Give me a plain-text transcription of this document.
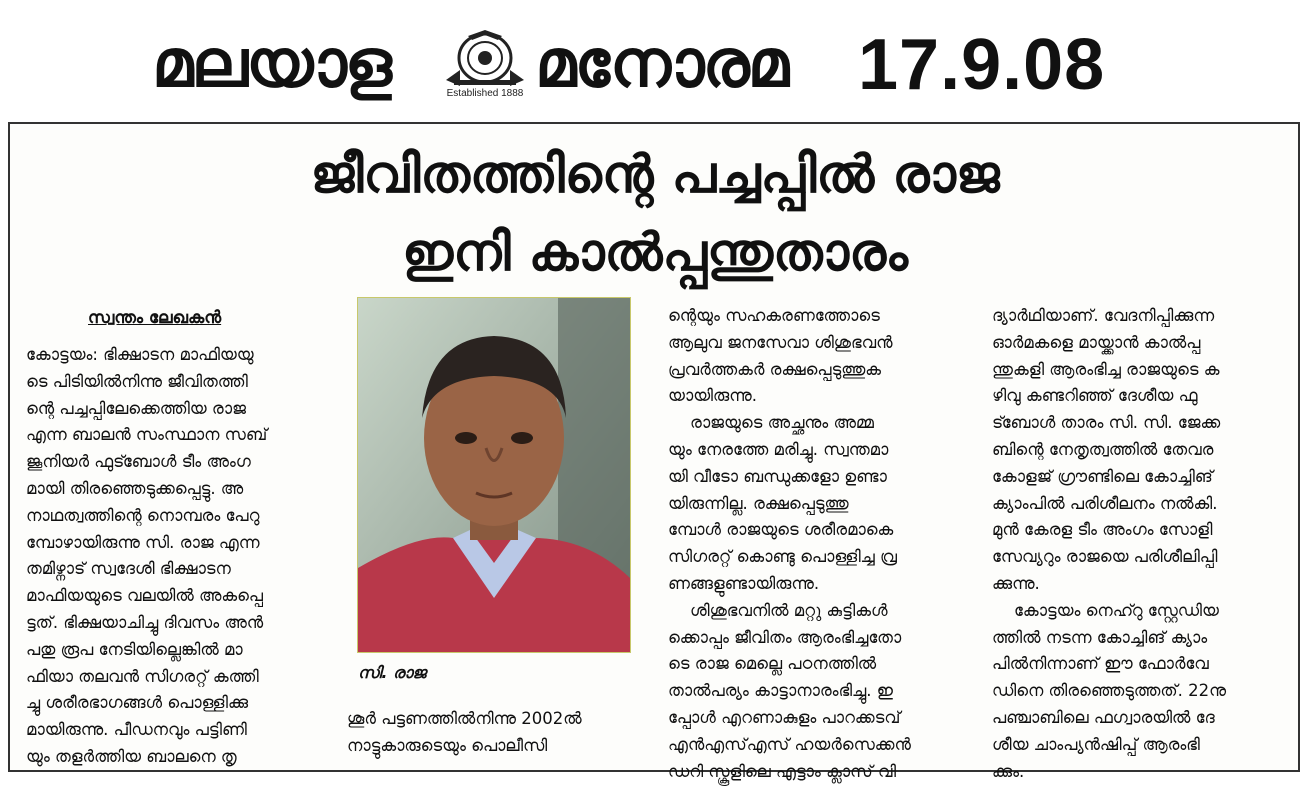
മലയാള	Established 1888 മനോരമ 17.9.08
ജീവിതത്തിന്റെ പച്ചപ്പിൽ രാജ
ഇനി കാൽപ്പന്തുതാരം
സ്വന്തം ലേഖകൻ

കോട്ടയം: ഭിക്ഷാടന മാഫിയയു

ടെ പിടിയിൽനിന്നു ജീവിതത്തി

ന്റെ പച്ചപ്പിലേക്കെത്തിയ രാജ

എന്ന ബാലൻ സംസ്ഥാന സബ്

ജൂനിയർ ഫുട്ബോൾ ടീം അംഗ

മായി തിരഞ്ഞെടുക്കപ്പെട്ടു. അ

നാഥത്വത്തിന്റെ നൊമ്പരം പേറു

മ്പോഴായിരുന്നു സി. രാജ എന്ന

തമിഴ്നാട് സ്വദേശി ഭിക്ഷാടന

മാഫിയയുടെ വലയിൽ അകപ്പെ

ട്ടത്. ഭിക്ഷയാചിച്ചു ദിവസം അൻ

പതു രൂപ നേടിയില്ലെങ്കിൽ മാ

ഫിയാ തലവൻ സിഗരറ്റ് കത്തി

ച്ചു ശരീരഭാഗങ്ങൾ പൊള്ളിക്കു

മായിരുന്നു. പീഡനവും പട്ടിണി

യും തളർത്തിയ ബാലനെ തൃ

സി. രാജ

ശൂർ പട്ടണത്തിൽനിന്നു 2002ൽ

നാട്ടുകാരുടെയും പൊലീസി

ന്റെയും സഹകരണത്തോടെ

ആലുവ ജനസേവാ ശിശുഭവൻ

പ്രവർത്തകർ രക്ഷപ്പെടുത്തുക

യായിരുന്നു.

രാജയുടെ അച്ഛനും അമ്മ

യും നേരത്തേ മരിച്ചു. സ്വന്തമാ

യി വീടോ ബന്ധുക്കളോ ഉണ്ടാ

യിരുന്നില്ല. രക്ഷപ്പെടുത്തു

മ്പോൾ രാജയുടെ ശരീരമാകെ

സിഗരറ്റ് കൊണ്ടു പൊള്ളിച്ച വ്ര

ണങ്ങളുണ്ടായിരുന്നു.

ശിശുഭവനിൽ മറ്റു കുട്ടികൾ

ക്കൊപ്പം ജീവിതം ആരംഭിച്ചതോ

ടെ രാജ മെല്ലെ പഠനത്തിൽ

താൽപര്യം കാട്ടാനാരംഭിച്ചു. ഇ

പ്പോൾ എറണാകുളം പാറക്കടവ്

എൻഎസ്എസ് ഹയർസെക്കൻ

ഡറി സ്കൂളിലെ എട്ടാം ക്ലാസ് വി

ദ്യാർഥിയാണ്. വേദനിപ്പിക്കുന്ന

ഓർമകളെ മായ്ക്കാൻ കാൽപ്പ

ന്തുകളി ആരംഭിച്ച രാജയുടെ ക

ഴിവു കണ്ടറിഞ്ഞ് ദേശീയ ഫു

ട്ബോൾ താരം സി. സി. ജേക്ക

ബിന്റെ നേതൃത്വത്തിൽ തേവര

കോളജ് ഗ്രൗണ്ടിലെ കോച്ചിങ്

ക്യാംപിൽ പരിശീലനം നൽകി.

മുൻ കേരള ടീം അംഗം സോളി

സേവ്യറും രാജയെ പരിശീലിപ്പി

ക്കുന്നു.

കോട്ടയം നെഹ്റു സ്റ്റേഡിയ

ത്തിൽ നടന്ന കോച്ചിങ് ക്യാം

പിൽനിന്നാണ് ഈ ഫോർവേ

ഡിനെ തിരഞ്ഞെടുത്തത്. 22നു

പഞ്ചാബിലെ ഫഗ്വാരയിൽ ദേ

ശീയ ചാംപ്യൻഷിപ്പ് ആരംഭി

ക്കും.
